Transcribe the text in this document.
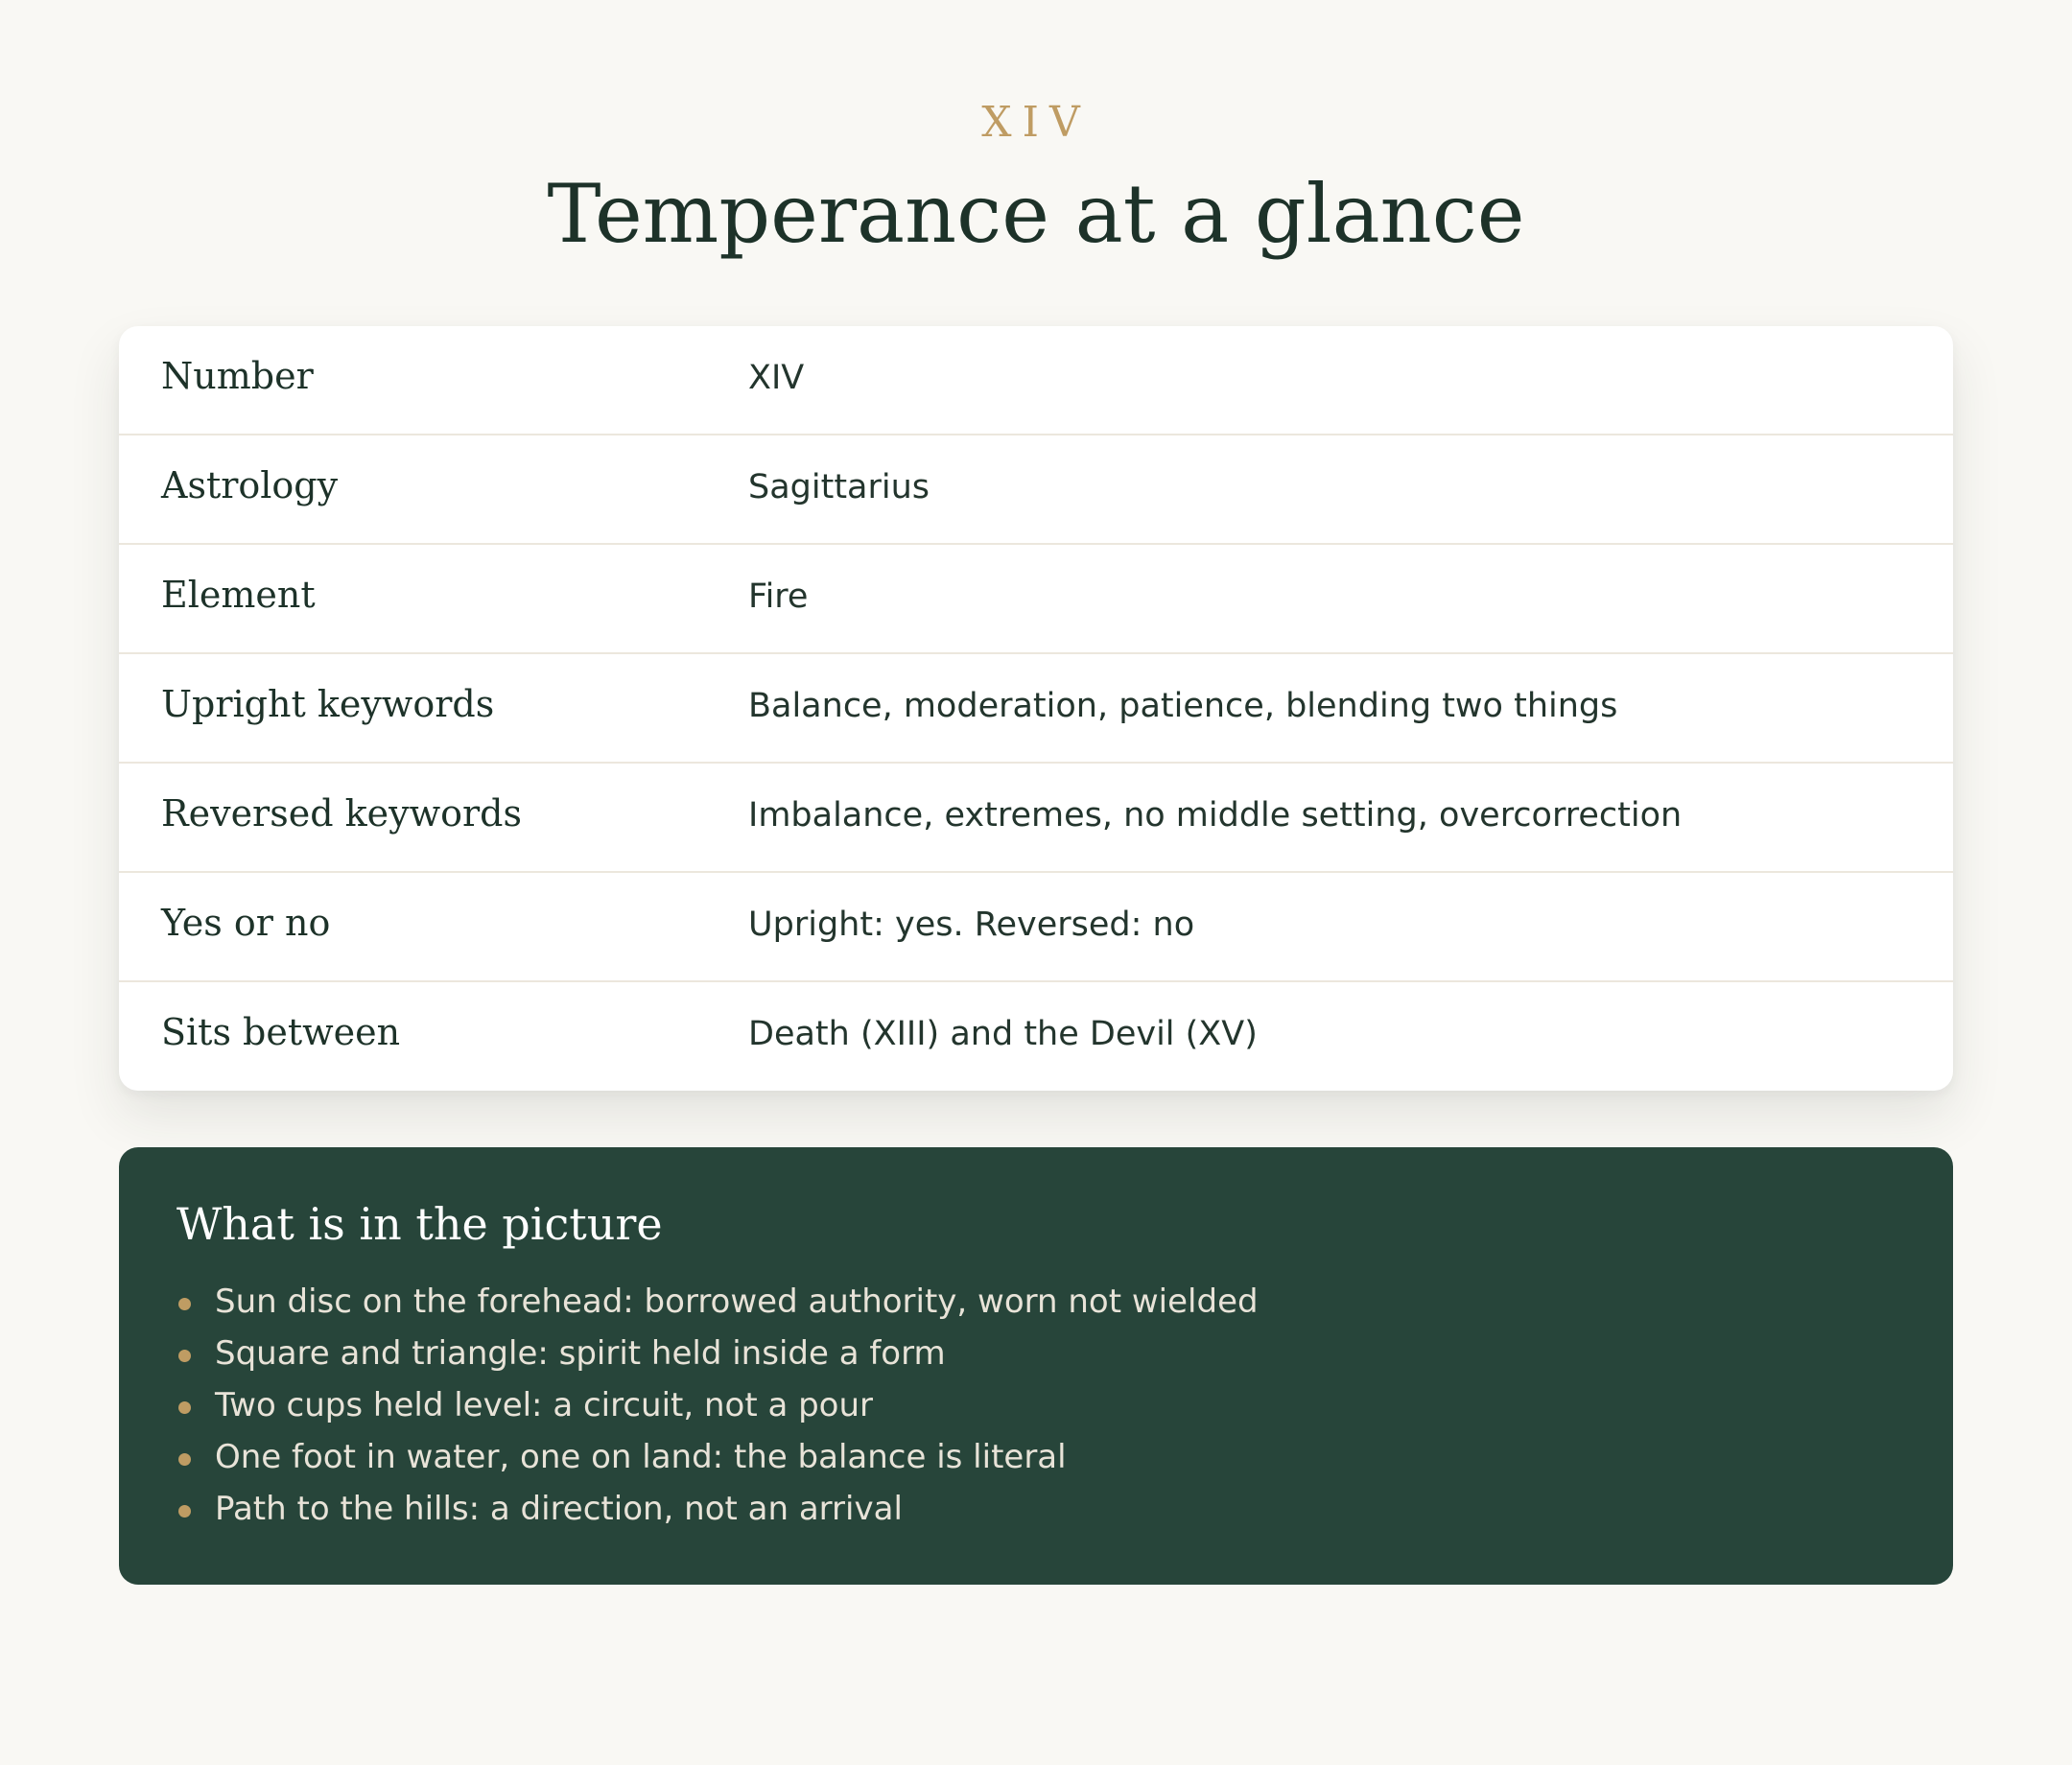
XIV
Temperance at a glance
Number	XIV
Astrology	Sagittarius
Element	Fire
Upright keywords	Balance, moderation, patience, blending two things
Reversed keywords	Imbalance, extremes, no middle setting, overcorrection
Yes or no	Upright: yes. Reversed: no
Sits between	Death (XIII) and the Devil (XV)
What is in the picture
Sun disc on the forehead: borrowed authority, worn not wielded
Square and triangle: spirit held inside a form
Two cups held level: a circuit, not a pour
One foot in water, one on land: the balance is literal
Path to the hills: a direction, not an arrival
